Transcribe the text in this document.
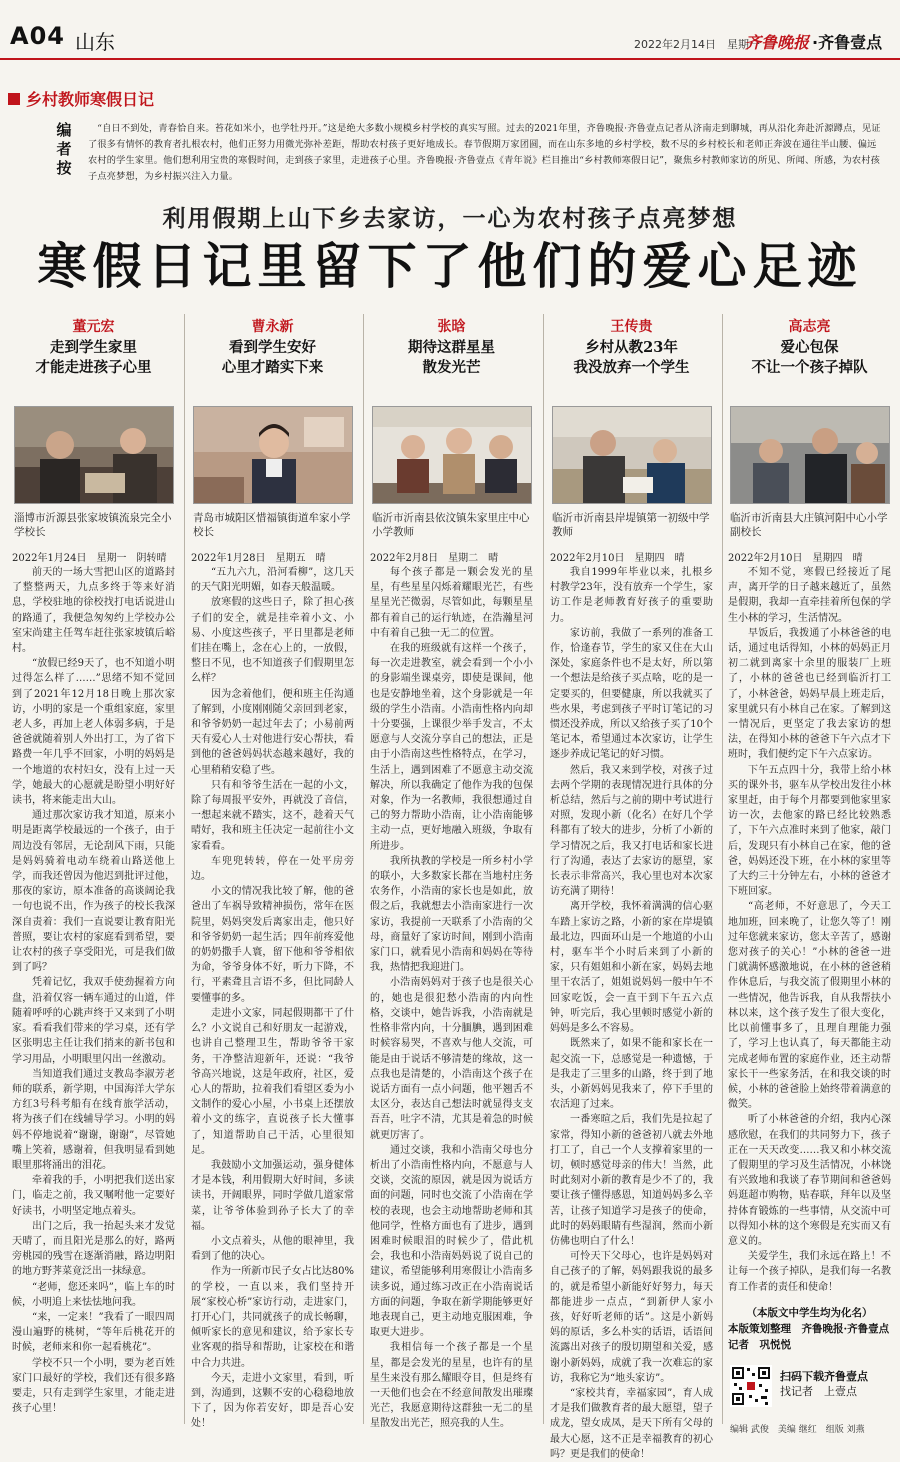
A04 山东	2022年2月14日　星期一
齐鲁晚报 ·齐鲁壹点
乡村教师寒假日记
编者按
“自日不到处，青春恰自来。苔花如米小，也学牡丹开。”这是绝大多数小规模乡村学校的真实写照。过去的2021年里，齐鲁晚报·齐鲁壹点记者从济南走到聊城，再从沿化奔赴沂源蹲点，见证了很多有情怀的教育者扎根农村，他们正努力用微光弥补差距，帮助农村孩子更好地成长。春节假期万家团圆，而在山东多地的乡村学校，数不尽的乡村校长和老师正奔波在通往半山腰、偏远农村的学生家里。他们想利用宝贵的寒假时间，走到孩子家里，走进孩子心里。齐鲁晚报·齐鲁壹点《青年说》栏目推出“乡村教师寒假日记”，聚焦乡村教师家访的所见、所闻、所感，为农村孩子点亮梦想，为乡村振兴注入力量。
利用假期上山下乡去家访，一心为农村孩子点亮梦想
寒假日记里留下了他们的爱心足迹
董元宏
走到学生家里
才能走进孩子心里
淄博市沂源县张家坡镇流泉完全小学校长
2022年1月24日　星期一　阴转晴

前天的一场大雪把山区的道路封了整整两天，九点多终于等来好消息，学校驻地的徐校找打电话说进山的路通了，我便急匆匆约上学校办公室宋尚建主任驾车赶往张家坡镇后峪村。

“放假已经9天了，也不知道小明过得怎么样了……”思绪不知不觉回到了2021年12月18日晚上那次家访，小明的家是一个重组家庭，家里老人多，再加上老人体弱多病，于是爸爸就随着别人外出打工，为了省下路费一年几乎不回家，小明的妈妈是一个地道的农村妇女，没有上过一天学，她最大的心愿就是盼望小明好好读书，将来能走出大山。

通过那次家访我才知道，原来小明是距离学校最远的一个孩子，由于周边没有邻居，无论刮风下雨，只能是妈妈骑着电动车绕着山路送他上学，而我还曾因为他迟到批评过他，那夜的家访，原本准备的高谈阔论我一句也说不出，作为孩子的校长我深深自责着：我们一直说要让教育阳光普照，要让农村的家庭看到希望，要让农村的孩子享受阳光，可是我们做到了吗？

凭着记忆，我双手使劲握着方向盘，沿着仅容一辆车通过的山道，伴随着呼呼的心跳声终于又来到了小明家。看看我们带来的学习桌，还有学区张明忠主任让我们捎来的新书包和学习用品，小明眼里闪出一丝激动。

当知道我们通过支教岛李淑芳老师的联系，新学期，中国海洋大学东方红3号科考船有在线育旅学活动，将为孩子们在线辅导学习。小明的妈妈不停地说着“谢谢，谢谢”，尽管她嘴上笑着，感谢着，但我明显看到她眼里那将涌出的泪花。

牵着我的手，小明把我们送出家门，临走之前，我又嘱咐他一定要好好读书，小明坚定地点着头。

出门之后，我一抬起头来才发觉天晴了，而且阳光是那么的好，路两旁桃园的残雪在逐渐消融，路边明阳的地方野荠菜竟泛出一抹绿意。

“老师，您还来吗”，临上车的时候，小明追上来怯怯地问我。

“来，一定来！”我看了一眼四周漫山遍野的桃树，“等年后桃花开的时候，老师来和你一起看桃花”。

学校不只一个小明，要为老百姓家门口最好的学校，我们还有很多路要走，只有走到学生家里，才能走进孩子心里！

曹永新
看到学生安好
心里才踏实下来
青岛市城阳区惜福镇街道牟家小学校长
2022年1月28日　星期五　晴

“五九六九，沿河看柳”，这几天的天气阳光明媚，如春天般温暖。

放寒假的这些日子，除了担心孩子们的安全，就是挂牵着小文、小易、小度这些孩子，平日里都是老师们挂在嘴上，念在心上的，一放假，整日不见，也不知道孩子们假期里怎么样？

因为念着他们，便和班主任沟通了解到，小度刚刚随父亲回到老家，和爷爷奶奶一起过年去了；小易前两天有爱心人士对他进行安心帮扶，看到他的爸爸妈妈状态越来越好，我的心里稍稍安稳了些。

只有和爷爷生活在一起的小文，除了每周报平安外，再就没了音信，一想起来就不踏实，这不，趁着天气晴好，我和班主任决定一起前往小文家看看。

车兜兜转转，停在一处平房旁边。

小文的情况我比较了解，他的爸爸出了车祸导致精神损伤，常年在医院里，妈妈突发后离家出走，他只好和爷爷奶奶一起生活；四年前疼爱他的奶奶撒手人寰，留下他和爷爷相依为命，爷爷身体不好，听力下降，不行，平素聋且言语不多，但比同龄人要懂事的多。

走进小文家，同起假期都干了什么？小文说自己和好朋友一起游戏，也讲自己整理卫生，帮助爷爷干家务，干净整洁迎新年，还说：“我爷爷高兴地说，这是年政府，社区，爱心人的帮助，拉着我们看望区委为小文制作的爱心小屋，小书桌上还摆放着小文的练字，直说孩子长大懂事了，知道帮助自己干活，心里很知足。

我鼓励小文加强运动，强身健体才是本钱，利用假期大好时间，多读读书，开阔眼界，同时学做几道家常菜，让爷爷体验到孙子长大了的幸福。

小文点着头，从他的眼神里，我看到了他的决心。

作为一所新市民子女占比达80%的学校，一直以来，我们坚持开展“家校心桥”家访行动，走进家门，打开心门，共同就孩子的成长畅聊，倾听家长的意见和建议，给予家长专业客观的指导和帮助，让家校在和谐中合力共进。

今天，走进小文家里，看到，听到，沟通到，这颗不安的心稳稳地放下了，因为你若安好，即是吾心安处！

张晗
期待这群星星
散发光芒
临沂市沂南县依汶镇朱家里庄中心小学教师
2022年2月8日　星期二　晴

每个孩子都是一颗会发光的星星，有些星星闪烁着耀眼光芒，有些星星光芒微弱，尽管如此，每颗星星都有着自己的运行轨迹，在浩瀚星河中有着自己独一无二的位置。

在我的班级就有这样一个孩子，每一次走进教室，就会看到一个小小的身影端坐课桌旁，即使是课间，他也是安静地坐着，这个身影就是一年级的学生小浩南。小浩南性格内向却十分要强，上课很少举手发言，不太愿意与人交流分享自己的想法，正是由于小浩南这些性格特点，在学习，生活上，遇到困难了不愿意主动交流解决，所以我确定了他作为我的包保对象，作为一名教师，我很想通过自己的努力帮助小浩南，让小浩南能够主动一点，更好地融入班级，争取有所进步。

我所执教的学校是一所乡村小学的联小，大多数家长都在当地村庄务农务作，小浩南的家长也是如此，放假之后，我就想去小浩南家进行一次家访，我提前一天联系了小浩南的父母，商量好了家访时间，刚到小浩南家门口，就看见小浩南和妈妈在等待我，热情把我迎进门。

小浩南妈妈对于孩子也是很关心的，她也是很犯愁小浩南的内向性格，交谈中，她告诉我，小浩南就是性格非常内向，十分腼腆，遇到困难时候容易哭，不喜欢与他人交流，可能是由于说话不够清楚的缘故，这一点我也是清楚的，小浩南这个孩子在说话方面有一点小问题，他平翘舌不太区分，表达自己想法时就显得支支吾吾，吐字不清，尤其是着急的时候就更厉害了。

通过交谈，我和小浩南父母也分析出了小浩南性格内向，不愿意与人交谈，交流的原因，就是因为说话方面的问题，同时也交流了小浩南在学校的表现，也会主动地帮助老师和其他同学，性格方面也有了进步，遇到困难时候眼泪的时候少了，借此机会，我也和小浩南妈妈说了说自己的建议，希望能够利用寒假让小浩南多读多说，通过练习改正在小浩南说话方面的问题，争取在新学期能够更好地表现自己，更主动地克服困难，争取更大进步。

我相信每一个孩子都是一个星星，都是会发光的星星，也许有的星星生来没有那么耀眼夺目，但是终有一天他们也会在不经意间散发出璀璨光芒，我愿意期待这群独一无二的星星散发出光芒，照亮我的人生。

王传贵
乡村从教23年
我没放弃一个学生
临沂市沂南县岸堤镇第一初级中学教师
2022年2月10日　星期四　晴

我自1999年毕业以来，扎根乡村教学23年，没有放弃一个学生，家访工作是老师教育好孩子的重要助力。

家访前，我做了一系列的准备工作，恰逢春节，学生的家又住在大山深处，家庭条件也不是太好，所以第一个想法是给孩子买点啥，吃的是一定要买的，但要健康，所以我就买了些水果，考虑到孩子平时订笔记的习惯还没养成，所以又给孩子买了10个笔记本，希望通过本次家访，让学生逐步养成记笔记的好习惯。

然后，我又来到学校，对孩子过去两个学期的表现情况进行具体的分析总结，然后与之前的期中考试进行对照，发现小新（化名）在好几个学科都有了较大的进步，分析了小新的学习情况之后，我又打电话和家长进行了沟通，表达了去家访的愿望，家长表示非常高兴，我心里也对本次家访充满了期待！

离开学校，我怀着满满的信心驱车踏上家访之路，小新的家在岸堤镇最北边，四面环山是一个地道的小山村，驱车半个小时后来到了小新的家，只有姐姐和小新在家，妈妈去地里干农活了，姐姐说妈妈一般中午不回家吃饭，会一直干到下午五六点钟，听完后，我心里顿时感觉小新的妈妈是多么不容易。

既然来了，如果不能和家长在一起交流一下，总感觉是一种遗憾，于是我走了三里多的山路，终于到了地头，小新妈妈见我来了，停下手里的农活迎了过来。

一番寒暄之后，我们先是拉起了家常，得知小新的爸爸初八就去外地打工了，自己一个人支撑着家里的一切，顿时感觉母亲的伟大！当然，此时此刻对小新的教育是少不了的，我要让孩子懂得感恩，知道妈妈多么辛苦，让孩子知道学习是孩子的使命，此时的妈妈眼睛有些湿润，然而小新仿佛也明白了什么！

可怜天下父母心，也许是妈妈对自己孩子的了解，妈妈跟我说的最多的，就是希望小新能好好努力，每天都能进步一点点，“到新伊人家小孩，好好听老师的话”。这是小新妈妈的原话，多么朴实的话语，话语间流露出对孩子的殷切期望和关爱，感谢小新妈妈，成就了我一次难忘的家访，我称它为“地头家访”。

“家校共育，幸福家园”，育人成才是我们做教育者的最大愿望，望子成龙，望女成凤，是天下所有父母的最大心愿，这不正是幸福教育的初心吗？更是我们的使命！

高志亮
爱心包保
不让一个孩子掉队
临沂市沂南县大庄镇河阳中心小学副校长
2022年2月10日　星期四　晴

不知不觉，寒假已经接近了尾声，离开学的日子越来越近了，虽然是假期，我却一直牵挂着所包保的学生小林的学习，生活情况。

早饭后，我拨通了小林爸爸的电话，通过电话得知，小林的妈妈正月初二就到离家十余里的服装厂上班了，小林的爸爸也已经到临沂打工了，小林爸爸，妈妈早晨上班走后，家里就只有小林自己在家。了解到这一情况后，更坚定了我去家访的想法，在得知小林的爸爸下午六点才下班时，我们便约定下午六点家访。

下午五点四十分，我带上给小林买的课外书，驱车从学校出发往小林家里赶，由于每个月都要到他家里家访一次，去他家的路已经比较熟悉了，下午六点准时来到了他家，敲门后，发现只有小林自己在家，他的爸爸，妈妈还没下班，在小林的家里等了大约三十分钟左右，小林的爸爸才下班回家。

“高老师，不好意思了，今天工地加班，回来晚了，让您久等了！刚过年您就来家访，您太辛苦了，感谢您对孩子的关心！”小林的爸爸一进门就满怀感激地说，在小林的爸爸稍作休息后，与我交流了假期里小林的一些情况，他告诉我，自从我帮扶小林以来，这个孩子发生了很大变化，比以前懂事多了，且理自理能力强了，学习上也认真了，每天都能主动完成老师布置的家庭作业，还主动帮家长干一些家务活，在和我交谈的时候，小林的爸爸脸上始终带着满意的微笑。

听了小林爸爸的介绍，我内心深感欣慰，在我们的共同努力下，孩子正在一天天改变……我又和小林交流了假期里的学习及生活情况，小林饶有兴致地和我谈了春节期间和爸爸妈妈逛超市购物，贴春联，拜年以及坚持体育锻炼的一些事情，从交流中可以得知小林的这个寒假是充实而又有意义的。

关爱学生，我们永远在路上！不让每一个孩子掉队，是我们每一名教育工作者的责任和使命！

（本版文中学生均为化名）
本版策划整理　齐鲁晚报·齐鲁壹点记者　巩悦悦
扫码下载齐鲁壹点
找记者　上壹点
编辑 武俊　美编 继红　组版 刘燕
